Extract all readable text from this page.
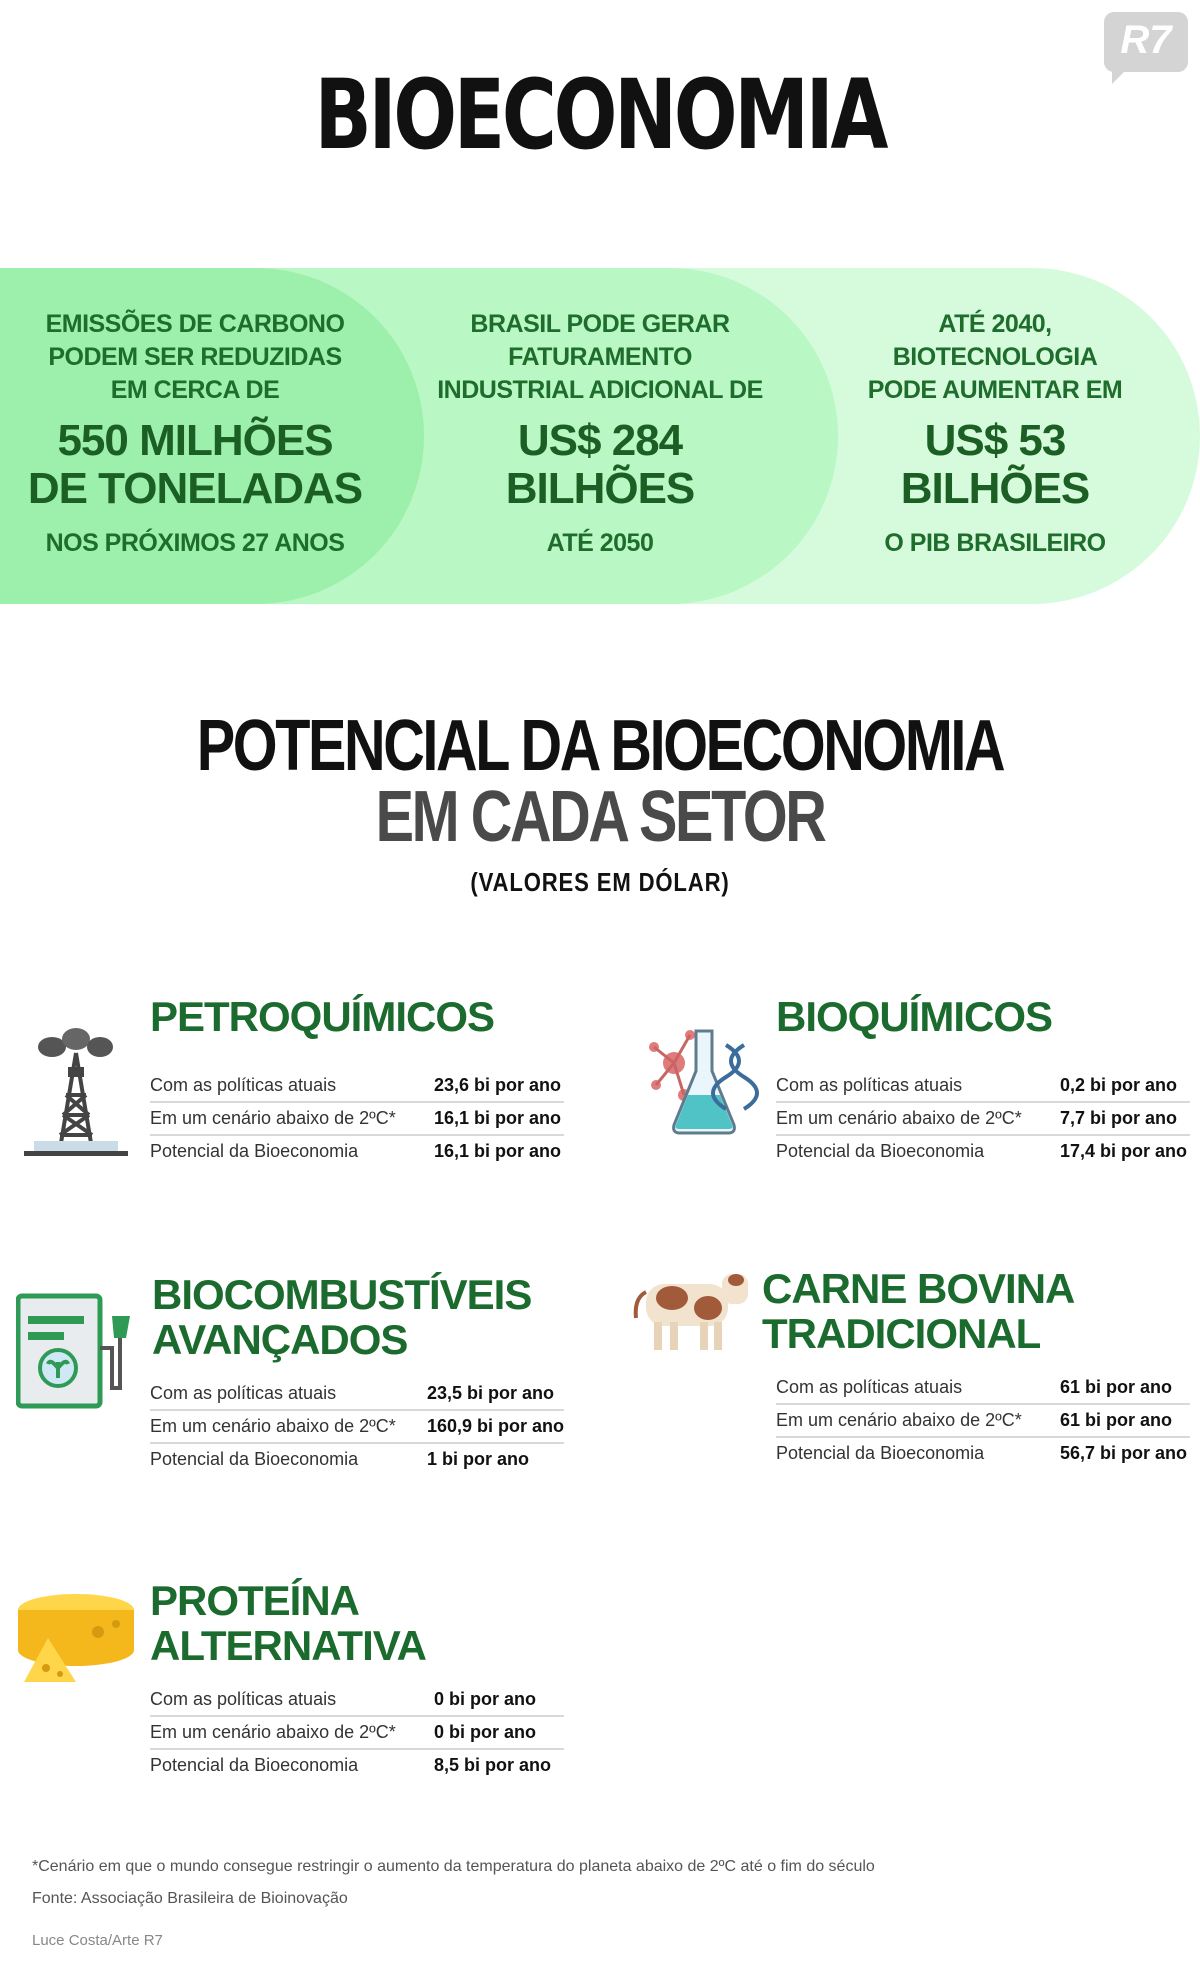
R7
BIOECONOMIA
EMISSÕES DE CARBONO
PODEM SER REDUZIDAS
EM CERCA DE
550 MILHÕES
DE TONELADAS
NOS PRÓXIMOS 27 ANOS
BRASIL PODE GERAR
FATURAMENTO
INDUSTRIAL ADICIONAL DE
US$ 284
BILHÕES
ATÉ 2050
ATÉ 2040,
BIOTECNOLOGIA
PODE AUMENTAR EM
US$ 53
BILHÕES
O PIB BRASILEIRO
POTENCIAL DA BIOECONOMIA
EM CADA SETOR
(VALORES EM DÓLAR)
PETROQUÍMICOS
Com as políticas atuais	23,6 bi por ano
Em um cenário abaixo de 2ºC*	16,1 bi por ano
Potencial da Bioeconomia	16,1 bi por ano
BIOQUÍMICOS
Com as políticas atuais	0,2 bi por ano
Em um cenário abaixo de 2ºC*	7,7 bi por ano
Potencial da Bioeconomia	17,4 bi por ano
BIOCOMBUSTÍVEIS
AVANÇADOS
Com as políticas atuais	23,5 bi por ano
Em um cenário abaixo de 2ºC*	160,9 bi por ano
Potencial da Bioeconomia	1 bi por ano
CARNE BOVINA
TRADICIONAL
Com as políticas atuais	61 bi por ano
Em um cenário abaixo de 2ºC*	61 bi por ano
Potencial da Bioeconomia	56,7 bi por ano
PROTEÍNA
ALTERNATIVA
Com as políticas atuais	0 bi por ano
Em um cenário abaixo de 2ºC*	0 bi por ano
Potencial da Bioeconomia	8,5 bi por ano
*Cenário em que o mundo consegue restringir o aumento da temperatura do planeta abaixo de 2ºC até o fim do século
Fonte: Associação Brasileira de Bioinovação
Luce Costa/Arte R7
